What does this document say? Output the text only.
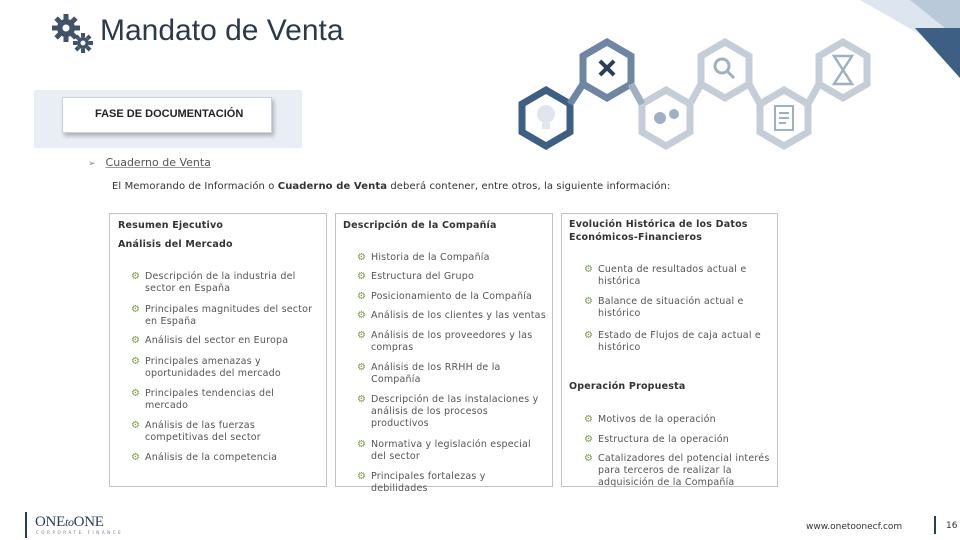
Mandato de Venta
FASE DE DOCUMENTACIÓN
➢ Cuaderno de Venta
El Memorando de Información o Cuaderno de Venta deberá contener, entre otros, la siguiente información:
Resumen Ejecutivo
Análisis del Mercado
⚙ Descripción de la industria del sector en España
⚙ Principales magnitudes del sector en España
⚙ Análisis del sector en Europa
⚙ Principales amenazas y oportunidades del mercado
⚙ Principales tendencias del mercado
⚙ Análisis de las fuerzas competitivas del sector
⚙ Análisis de la competencia
Descripción de la Compañía
⚙ Historia de la Compañía
⚙ Estructura del Grupo
⚙ Posicionamiento de la Compañía
⚙ Análisis de los clientes y las ventas
⚙ Análisis de los proveedores y las compras
⚙ Análisis de los RRHH de la Compañía
⚙ Descripción de las instalaciones y análisis de los procesos productivos
⚙ Normativa y legislación especial del sector
⚙ Principales fortalezas y debilidades
Evolución Histórica de los Datos Económicos-Financieros
⚙ Cuenta de resultados actual e histórica
⚙ Balance de situación actual e histórico
⚙ Estado de Flujos de caja actual e histórico
Operación Propuesta
⚙ Motivos de la operación
⚙ Estructura de la operación
⚙ Catalizadores del potencial interés para terceros de realizar la adquisición de la Compañía
ONEtoONE
CORPORATE FINANCE
www.onetoonecf.com	16
